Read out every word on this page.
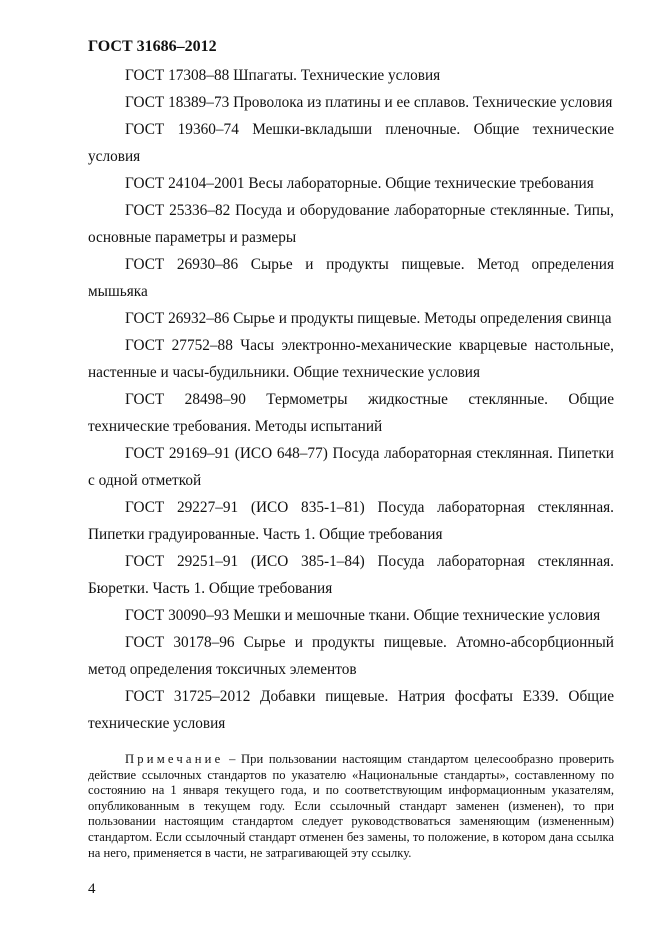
ГОСТ 31686–2012

ГОСТ 17308–88 Шпагаты. Технические условия

ГОСТ 18389–73 Проволока из платины и ее сплавов. Технические условия

ГОСТ 19360–74 Мешки-вкладыши пленочные. Общие технические условия

ГОСТ 24104–2001 Весы лабораторные. Общие технические требования

ГОСТ 25336–82 Посуда и оборудование лабораторные стеклянные. Типы, основные параметры и размеры

ГОСТ 26930–86 Сырье и продукты пищевые. Метод определения мышьяка

ГОСТ 26932–86 Сырье и продукты пищевые. Методы определения свинца

ГОСТ 27752–88 Часы электронно-механические кварцевые настольные, настенные и часы-будильники. Общие технические условия

ГОСТ 28498–90 Термометры жидкостные стеклянные. Общие технические требования. Методы испытаний

ГОСТ 29169–91 (ИСО 648–77) Посуда лабораторная стеклянная. Пипетки с одной отметкой

ГОСТ 29227–91 (ИСО 835-1–81) Посуда лабораторная стеклянная. Пипетки градуированные. Часть 1. Общие требования

ГОСТ 29251–91 (ИСО 385-1–84) Посуда лабораторная стеклянная. Бюретки. Часть 1. Общие требования

ГОСТ 30090–93 Мешки и мешочные ткани. Общие технические условия

ГОСТ 30178–96 Сырье и продукты пищевые. Атомно-абсорбционный метод определения токсичных элементов

ГОСТ 31725–2012 Добавки пищевые. Натрия фосфаты Е339. Общие технические условия

Примечание – При пользовании настоящим стандартом целесообразно проверить действие ссылочных стандартов по указателю «Национальные стандарты», составленному по состоянию на 1 января текущего года, и по соответствующим информационным указателям, опубликованным в текущем году. Если ссылочный стандарт заменен (изменен), то при пользовании настоящим стандартом следует руководствоваться заменяющим (измененным) стандартом. Если ссылочный стандарт отменен без замены, то положение, в котором дана ссылка на него, применяется в части, не затрагивающей эту ссылку.

4
